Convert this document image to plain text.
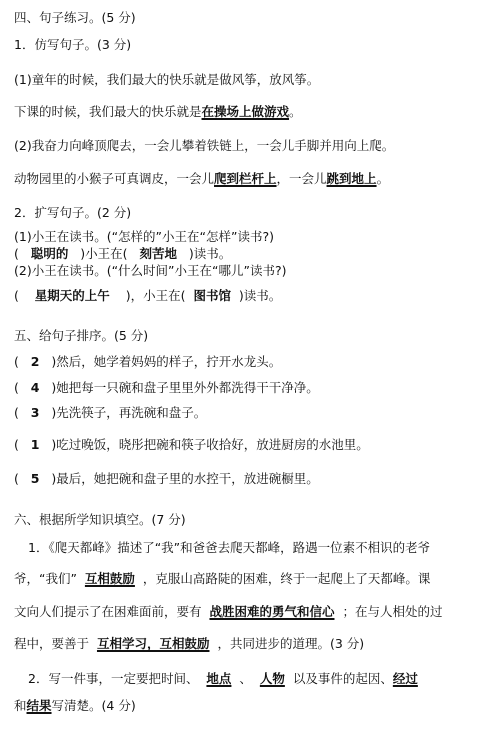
四、句子练习。(5 分)
1．仿写句子。(3 分)
(1)童年的时候，我们最大的快乐就是做风筝，放风筝。
下课的时候，我们最大的快乐就是在操场上做游戏。
(2)我奋力向峰顶爬去，一会儿攀着铁链上，一会儿手脚并用向上爬。
动物园里的小猴子可真调皮，一会儿爬到栏杆上，一会儿跳到地上。
2．扩写句子。(2 分)
(1)小王在读书。(“怎样的”小王在“怎样”读书?)
( 聪明的 )小王在( 刻苦地 )读书。
(2)小王在读书。(“什么时间”小王在“哪儿”读书?)
( 星期天的上午 )，小王在( 图书馆 )读书。
五、给句子排序。(5 分)
(   2 )然后，她学着妈妈的样子，拧开水龙头。
(   4 )她把每一只碗和盘子里里外外都洗得干干净净。
(   3 )先洗筷子，再洗碗和盘子。
(   1 )吃过晚饭，晓彤把碗和筷子收拾好，放进厨房的水池里。
(   5 )最后，她把碗和盘子里的水控干，放进碗橱里。
六、根据所学知识填空。(7 分)
1．《爬天都峰》描述了“我”和爸爸去爬天都峰，路遇一位素不相识的老爷
爷，“我们” 互相鼓励 ，克服山高路陡的困难，终于一起爬上了天都峰。课
文向人们提示了在困难面前，要有 战胜困难的勇气和信心 ；在与人相处的过
程中，要善于 互相学习，互相鼓励 ，共同进步的道理。(3 分)
2．写一件事，一定要把时间、 地点 、 人物 以及事件的起因、经过
和结果写清楚。(4 分)
